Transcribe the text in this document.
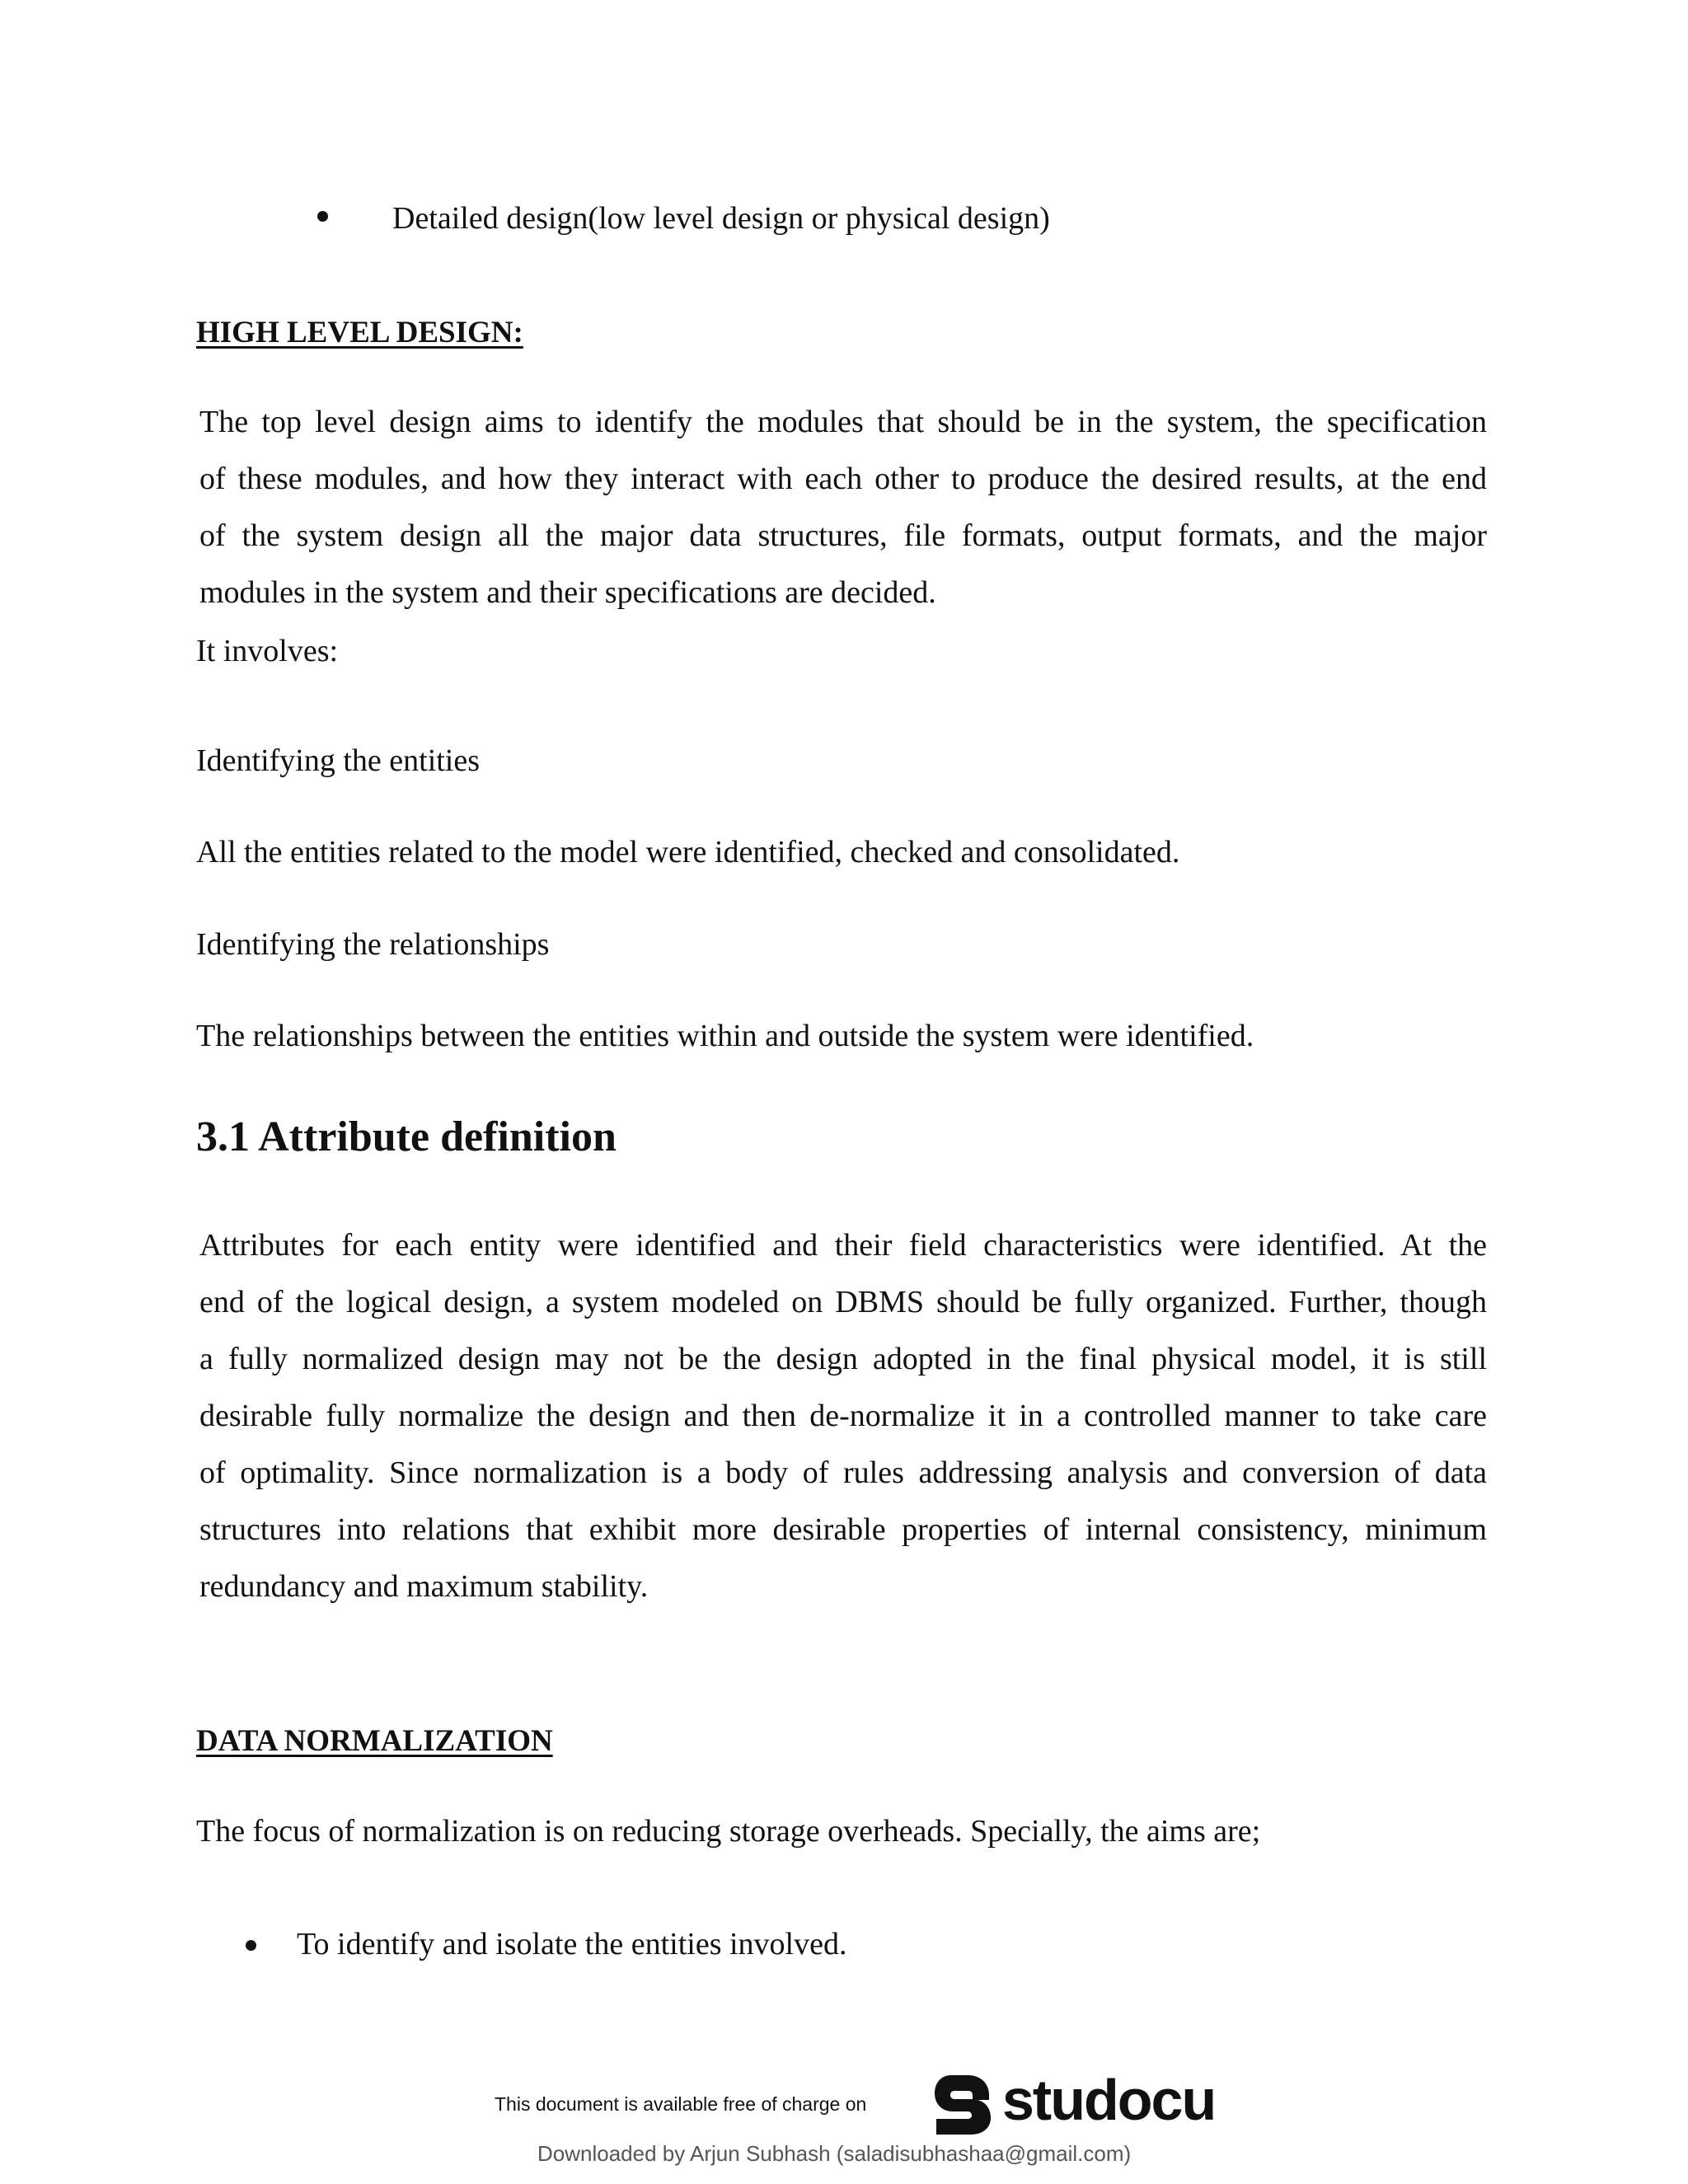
Detailed design(low level design or physical design)
HIGH LEVEL DESIGN:
The top level design aims to identify the modules that should be in the system, the specification
of these modules, and how they interact with each other to produce the desired results, at the end
of the system design all the major data structures, file formats, output formats, and the major
modules in the system and their specifications are decided.
It involves:
Identifying the entities
All the entities related to the model were identified, checked and consolidated.
Identifying the relationships
The relationships between the entities within and outside the system were identified.
3.1 Attribute definition
Attributes for each entity were identified and their field characteristics were identified. At the
end of the logical design, a system modeled on DBMS should be fully organized. Further, though
a fully normalized design may not be the design adopted in the final physical model, it is still
desirable fully normalize the design and then de-normalize it in a controlled manner to take care
of optimality. Since normalization is a body of rules addressing analysis and conversion of data
structures into relations that exhibit more desirable properties of internal consistency, minimum
redundancy and maximum stability.
DATA NORMALIZATION
The focus of normalization is on reducing storage overheads. Specially, the aims are;
To identify and isolate the entities involved.
This document is available free of charge on studocu
Downloaded by Arjun Subhash (saladisubhashaa@gmail.com)
